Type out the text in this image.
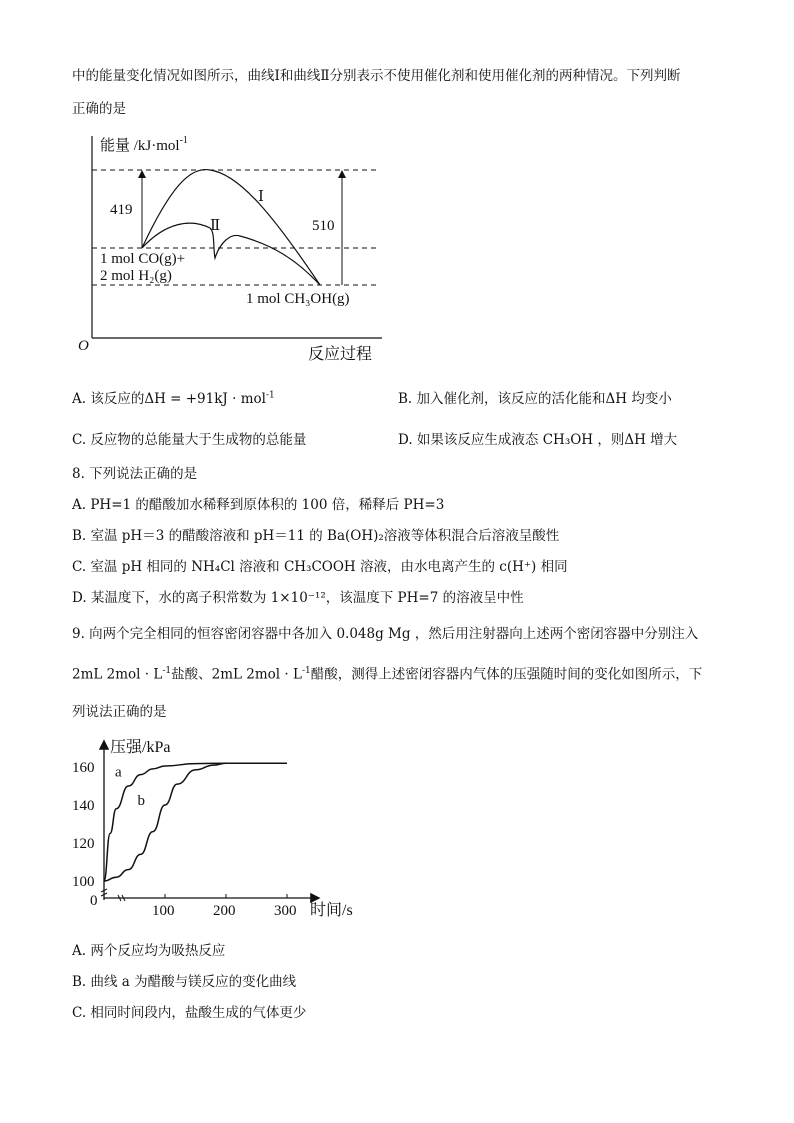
中的能量变化情况如图所示，曲线Ⅰ和曲线Ⅱ分别表示不使用催化剂和使用催化剂的两种情况。下列判断
正确的是
能量 /kJ·mol$^{-1}$
O	反应过程
Ⅰ
Ⅱ
419
510
1 mol CO(g)+
2 mol H₂(g)
1 mol CH₃OH(g)
A. 该反应的ΔH = +91kJ · mol$^{-1}$	B. 加入催化剂，该反应的活化能和ΔH 均变小
C. 反应物的总能量大于生成物的总能量	D. 如果该反应生成液态 CH₃OH ，则ΔH 增大
8. 下列说法正确的是
A. PH=1 的醋酸加水稀释到原体积的 100 倍，稀释后 PH=3
B. 室温 pH＝3 的醋酸溶液和 pH＝11 的 Ba(OH)₂溶液等体积混合后溶液呈酸性
C. 室温 pH 相同的 NH₄Cl 溶液和 CH₃COOH 溶液，由水电离产生的 c(H⁺) 相同
D. 某温度下，水的离子积常数为 1×10⁻¹²，该温度下 PH=7 的溶液呈中性
9. 向两个完全相同的恒容密闭容器中各加入 0.048g Mg ，然后用注射器向上述两个密闭容器中分别注入
2mL $2mol \cdot L^{-1}$盐酸、2mL $2mol \cdot L^{-1}$醋酸，测得上述密闭容器内气体的压强随时间的变化如图所示，下
列说法正确的是
160
140
120
100
0
100	200	300
a
b
压强/kPa
时间/s
A. 两个反应均为吸热反应
B. 曲线 a 为醋酸与镁反应的变化曲线
C. 相同时间段内，盐酸生成的气体更少
